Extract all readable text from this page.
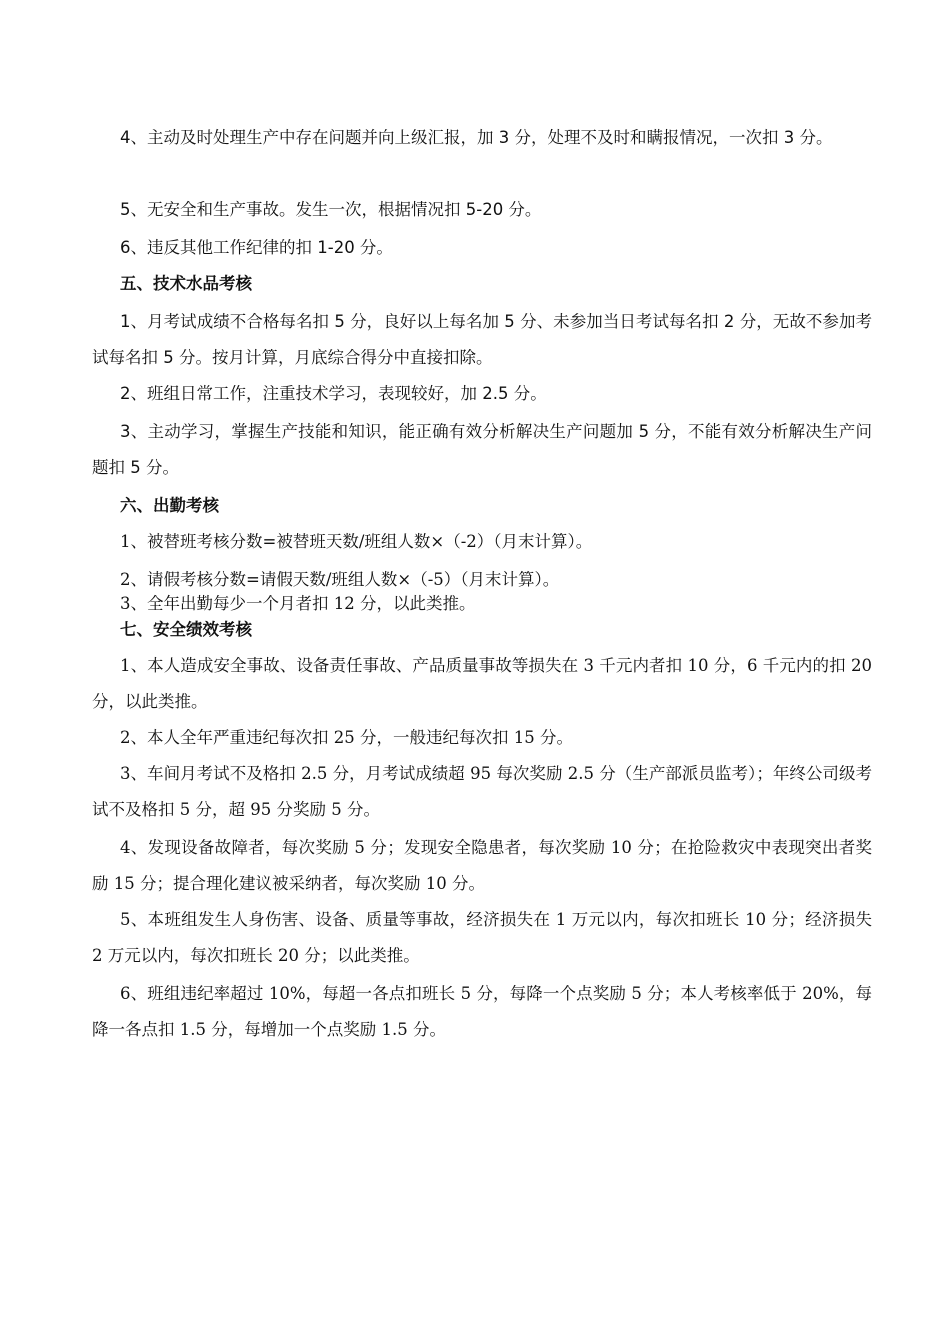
4、主动及时处理生产中存在问题并向上级汇报，加 3 分，处理不及时和瞒报情况，一次扣 3 分。

5、无安全和生产事故。发生一次，根据情况扣 5-20 分。

6、违反其他工作纪律的扣 1-20 分。

五、技术水品考核

1、月考试成绩不合格每名扣 5 分，良好以上每名加 5 分、未参加当日考试每名扣 2 分，无故不参加考试每名扣 5 分。按月计算，月底综合得分中直接扣除。

2、班组日常工作，注重技术学习，表现较好，加 2.5 分。

3、主动学习，掌握生产技能和知识，能正确有效分析解决生产问题加 5 分，不能有效分析解决生产问题扣 5 分。

六、出勤考核

1、被替班考核分数=被替班天数/班组人数×（-2）（月末计算）。

2、请假考核分数=请假天数/班组人数×（-5）（月末计算）。

3、全年出勤每少一个月者扣 12 分，以此类推。

七、安全绩效考核

1、本人造成安全事故、设备责任事故、产品质量事故等损失在 3 千元内者扣 10 分，6 千元内的扣 20 分，以此类推。

2、本人全年严重违纪每次扣 25 分，一般违纪每次扣 15 分。

3、车间月考试不及格扣 2.5 分，月考试成绩超 95 每次奖励 2.5 分（生产部派员监考）；年终公司级考试不及格扣 5 分，超 95 分奖励 5 分。

4、发现设备故障者，每次奖励 5 分；发现安全隐患者，每次奖励 10 分；在抢险救灾中表现突出者奖励 15 分；提合理化建议被采纳者，每次奖励 10 分。

5、本班组发生人身伤害、设备、质量等事故，经济损失在 1 万元以内，每次扣班长 10 分；经济损失 2 万元以内，每次扣班长 20 分；以此类推。

6、班组违纪率超过 10%，每超一各点扣班长 5 分，每降一个点奖励 5 分；本人考核率低于 20%，每降一各点扣 1.5 分，每增加一个点奖励 1.5 分。
